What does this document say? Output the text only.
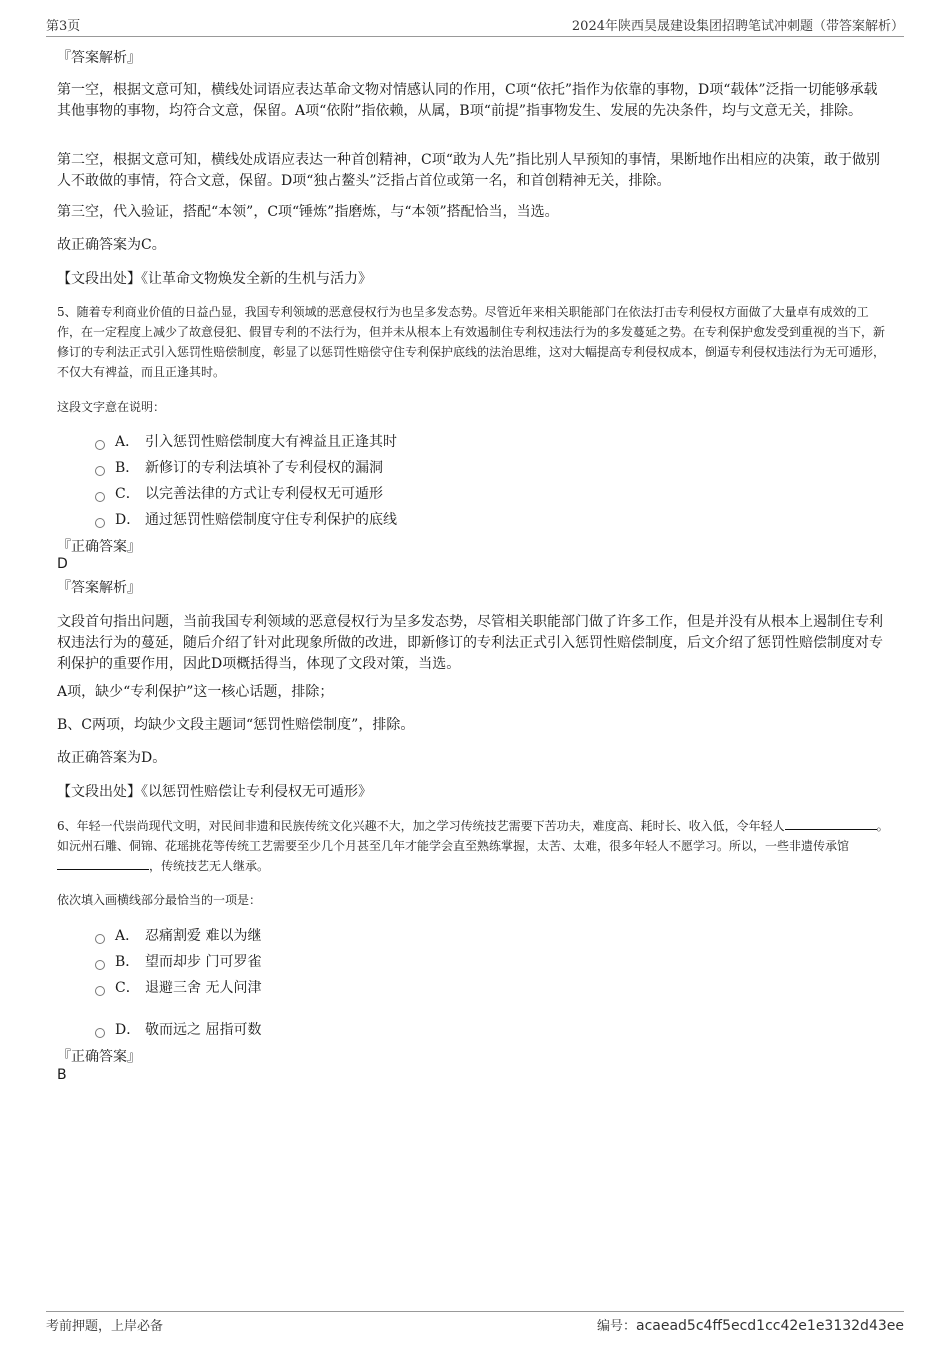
第3页	2024年陕西昊晟建设集团招聘笔试冲刺题（带答案解析）
『答案解析』
第一空，根据文意可知，横线处词语应表达革命文物对情感认同的作用，C项“依托”指作为依靠的事物，D项“载体”泛指一切能够承载其他事物的事物，均符合文意，保留。A项“依附”指依赖，从属，B项“前提”指事物发生、发展的先决条件，均与文意无关，排除。
第二空，根据文意可知，横线处成语应表达一种首创精神，C项“敢为人先”指比别人早预知的事情，果断地作出相应的决策，敢于做别人不敢做的事情，符合文意，保留。D项“独占鳌头”泛指占首位或第一名，和首创精神无关，排除。
第三空，代入验证，搭配“本领”，C项“锤炼”指磨炼，与“本领”搭配恰当，当选。
故正确答案为C。
【文段出处】《让革命文物焕发全新的生机与活力》
5、随着专利商业价值的日益凸显，我国专利领域的恶意侵权行为也呈多发态势。尽管近年来相关职能部门在依法打击专利侵权方面做了大量卓有成效的工作，在一定程度上减少了故意侵犯、假冒专利的不法行为，但并未从根本上有效遏制住专利权违法行为的多发蔓延之势。在专利保护愈发受到重视的当下，新修订的专利法正式引入惩罚性赔偿制度，彰显了以惩罚性赔偿守住专利保护底线的法治思维，这对大幅提高专利侵权成本，倒逼专利侵权违法行为无可遁形，不仅大有裨益，而且正逢其时。
这段文字意在说明：
A． 引入惩罚性赔偿制度大有裨益且正逢其时
B． 新修订的专利法填补了专利侵权的漏洞
C． 以完善法律的方式让专利侵权无可遁形
D． 通过惩罚性赔偿制度守住专利保护的底线
『正确答案』
D
『答案解析』
文段首句指出问题，当前我国专利领域的恶意侵权行为呈多发态势，尽管相关职能部门做了许多工作，但是并没有从根本上遏制住专利权违法行为的蔓延，随后介绍了针对此现象所做的改进，即新修订的专利法正式引入惩罚性赔偿制度，后文介绍了惩罚性赔偿制度对专利保护的重要作用，因此D项概括得当，体现了文段对策，当选。
A项，缺少“专利保护”这一核心话题，排除；
B、C两项，均缺少文段主题词“惩罚性赔偿制度”，排除。
故正确答案为D。
【文段出处】《以惩罚性赔偿让专利侵权无可遁形》
6、年轻一代崇尚现代文明，对民间非遗和民族传统文化兴趣不大，加之学习传统技艺需要下苦功夫，难度高、耗时长、收入低，令年轻人	。如沅州石雕、侗锦、花瑶挑花等传统工艺需要至少几个月甚至几年才能学会直至熟练掌握，太苦、太难，很多年轻人不愿学习。所以，一些非遗传承馆，传统技艺无人继承。
依次填入画横线部分最恰当的一项是：
A． 忍痛割爱 难以为继
B． 望而却步 门可罗雀
C． 退避三舍 无人问津
D． 敬而远之 屈指可数
『正确答案』
B
考前押题，上岸必备	编号：acaead5c4ff5ecd1cc42e1e3132d43ee
